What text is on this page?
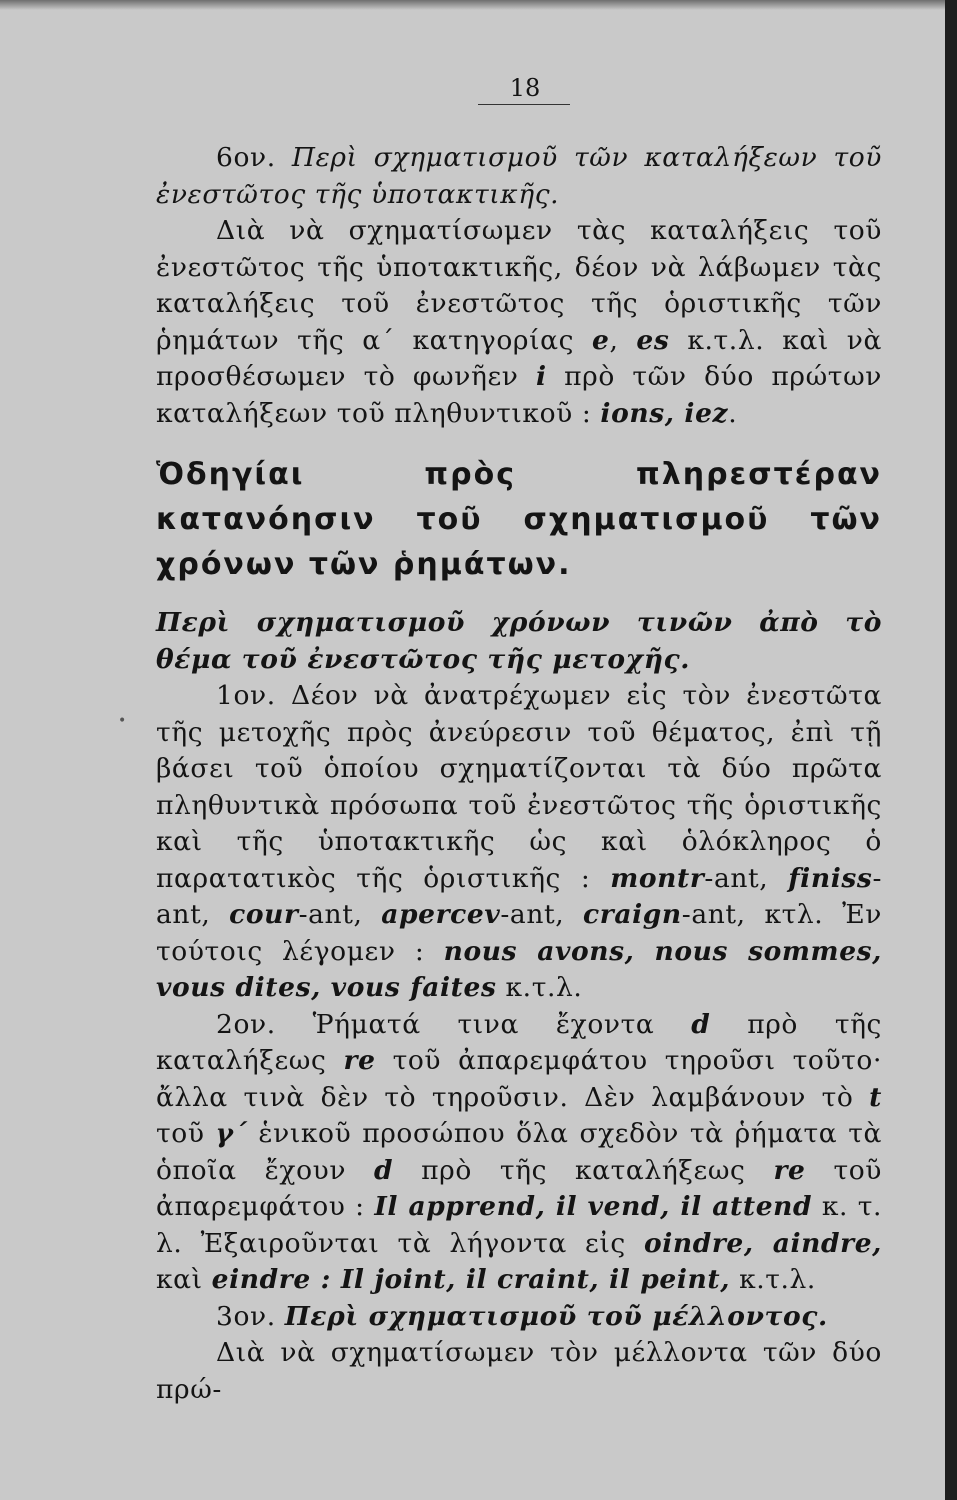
18
•

6ον. Περὶ σχηματισμοῦ τῶν καταλήξεων τοῦ ἐνεστῶτος τῆς ὑποτακτικῆς.

Διὰ νὰ σχηματίσωμεν τὰς καταλήξεις τοῦ ἐνεστῶτος τῆς ὑποτακτικῆς, δέον νὰ λάβωμεν τὰς καταλήξεις τοῦ ἐνεστῶτος τῆς ὁριστικῆς τῶν ῥημάτων τῆς α΄ κατηγορίας e, es κ.τ.λ. καὶ νὰ προσθέσωμεν τὸ φωνῆεν i πρὸ τῶν δύο πρώτων καταλήξεων τοῦ πληθυντικοῦ : ions, iez.

Ὁδηγίαι πρὸς πληρεστέραν κατανόησιν τοῦ σχηματισμοῦ τῶν χρόνων τῶν ῥημάτων.

Περὶ σχηματισμοῦ χρόνων τινῶν ἀπὸ τὸ θέμα τοῦ ἐνεστῶτος τῆς μετοχῆς.

1ον. Δέον νὰ ἀνατρέχωμεν εἰς τὸν ἐνεστῶτα τῆς μετοχῆς πρὸς ἀνεύρεσιν τοῦ θέματος, ἐπὶ τῇ βάσει τοῦ ὁποίου σχηματίζονται τὰ δύο πρῶτα πληθυντικὰ πρόσωπα τοῦ ἐνεστῶτος τῆς ὁριστικῆς καὶ τῆς ὑποτακτικῆς ὡς καὶ ὁλόκληρος ὁ παρατατικὸς τῆς ὁριστικῆς : montr-ant, finiss-ant, cour-ant, apercev-ant, craign-ant, κτλ. Ἐν τούτοις λέγομεν : nous avons, nous sommes, vous dites, vous faites κ.τ.λ.

2ον. Ῥήματά τινα ἔχοντα d πρὸ τῆς καταλήξεως re τοῦ ἀπαρεμφάτου τηροῦσι τοῦτο· ἄλλα τινὰ δὲν τὸ τηροῦσιν. Δὲν λαμβάνουν τὸ t τοῦ γ΄ ἑνικοῦ προσώπου ὅλα σχεδὸν τὰ ῥήματα τὰ ὁποῖα ἔχουν d πρὸ τῆς καταλήξεως re τοῦ ἀπαρεμφάτου : Il apprend, il vend, il attend κ. τ. λ. Ἐξαιροῦνται τὰ λήγοντα εἰς oindre, aindre, καὶ eindre : Il joint, il craint, il peint, κ.τ.λ.

3ον. Περὶ σχηματισμοῦ τοῦ μέλλοντος.

Διὰ νὰ σχηματίσωμεν τὸν μέλλοντα τῶν δύο πρώ-
